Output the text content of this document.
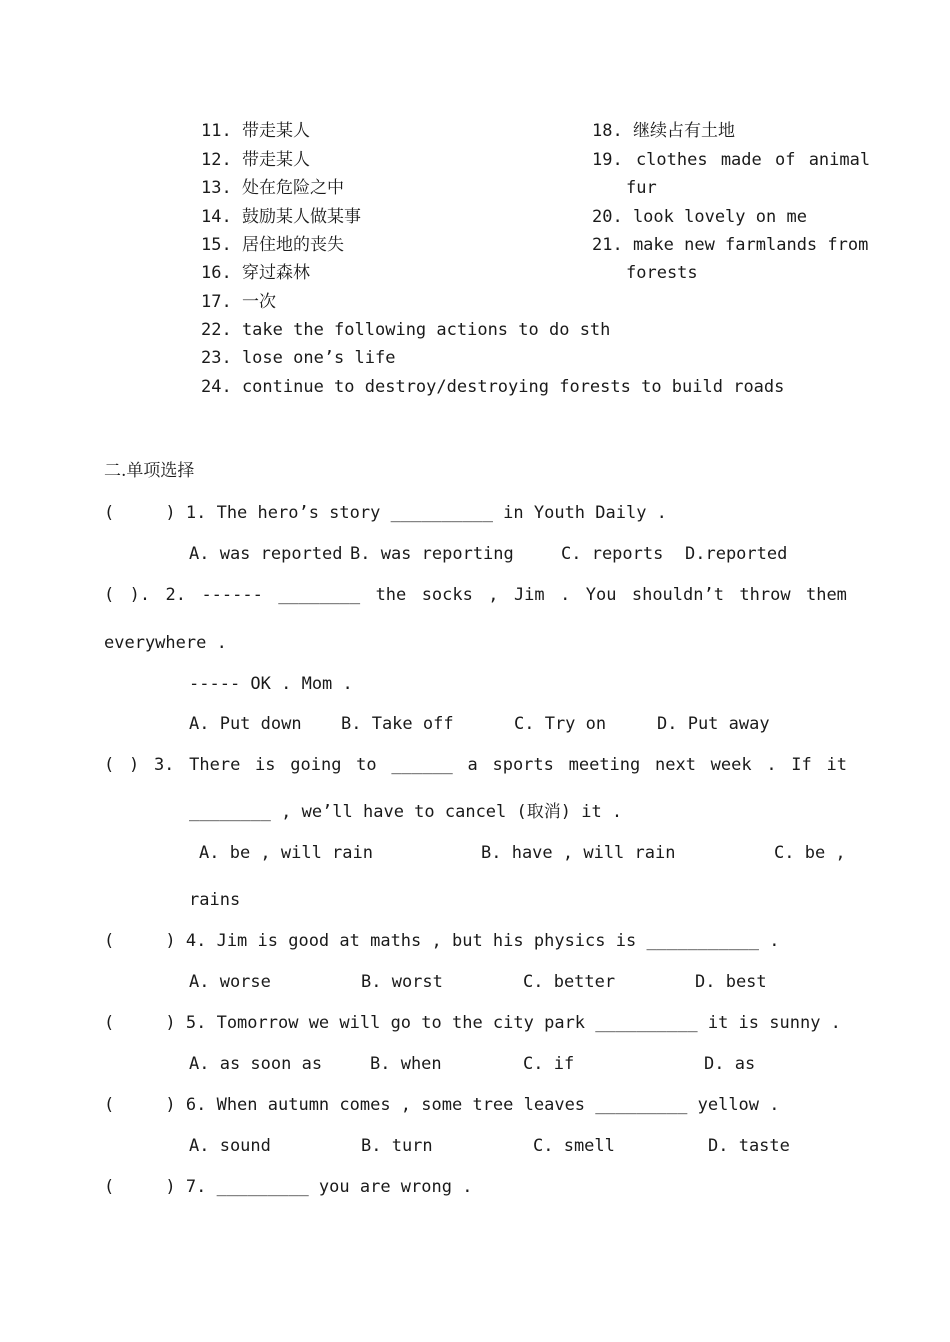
11. 带走某人
12. 带走某人
13. 处在危险之中
14. 鼓励某人做某事
15. 居住地的丧失
16. 穿过森林
17. 一次
18. 继续占有土地
19. clothes made of animal
fur
20. look lovely on me
21. make new farmlands from
forests
22. take the following actions to do sth
23. lose one’s life
24. continue to destroy/destroying forests to build roads
二.单项选择
(     ) 1. The hero’s story __________ in Youth Daily .
A. was reported B. was reporting	C. reports D.reported
( ). 2. ------ ________ the socks , Jim . You shouldn’t throw them
everywhere .
----- OK . Mom .
A. Put down B. Take off	C. Try on	D. Put away
( ) 3. There is going to ______ a sports meeting next week . If it
________ , we’ll have to cancel (取消) it .
A. be , will rain	B. have , will rain	C. be ,
rains
(     ) 4. Jim is good at maths , but his physics is ___________ .
A. worse	B. worst	C. better	D. best
(     ) 5. Tomorrow we will go to the city park __________ it is sunny .
A. as soon as	B. when	C. if	D. as
(     ) 6. When autumn comes , some tree leaves _________ yellow .
A. sound	B. turn	C. smell	D. taste
(     ) 7. _________ you are wrong .
